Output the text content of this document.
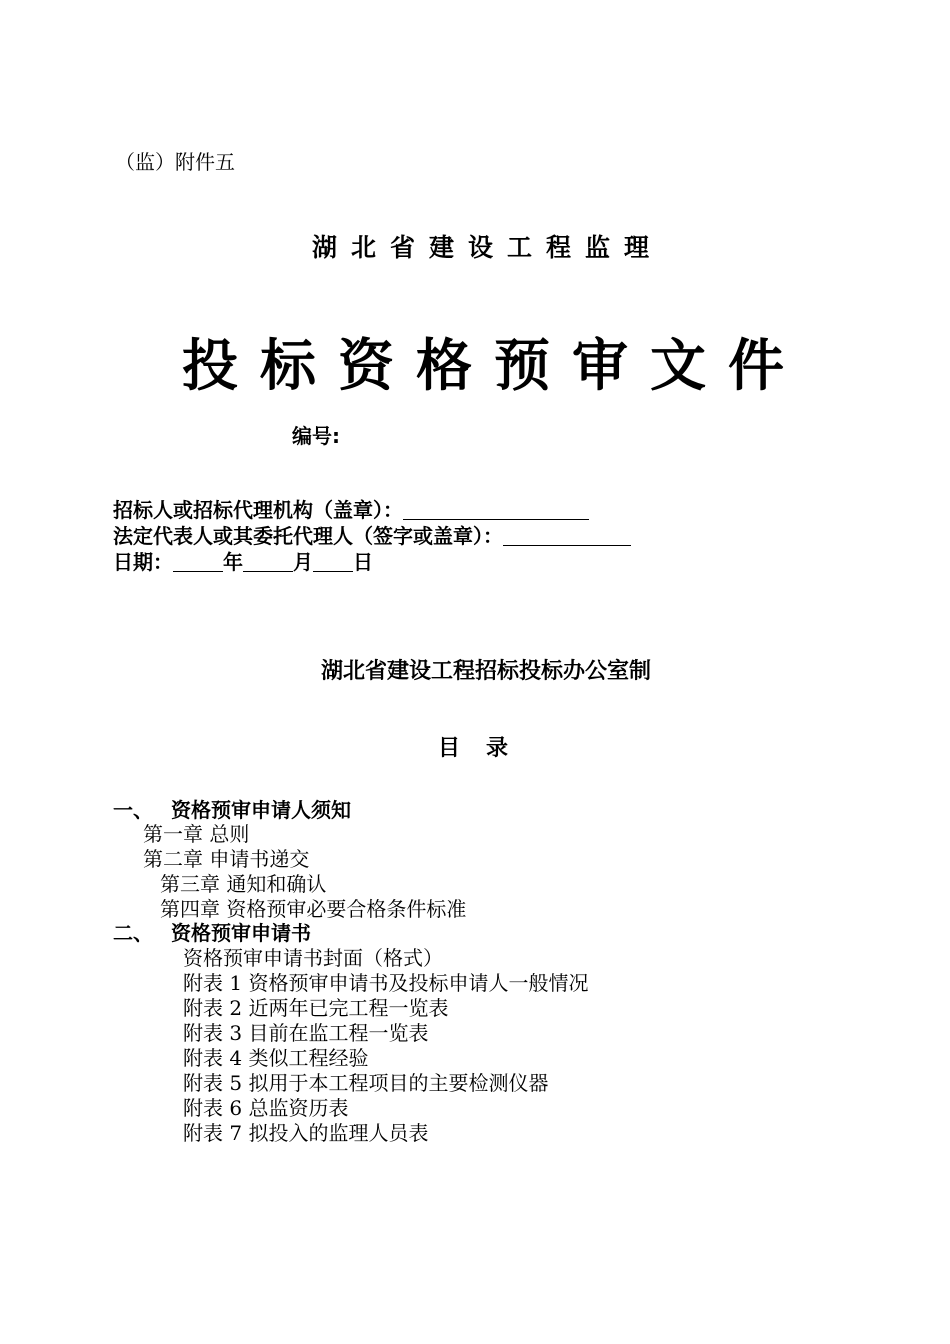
（监）附件五
湖北省建设工程监理
投标资格预审文件
编号:
招标人或招标代理机构（盖章）：
法定代表人或其委托代理人（签字或盖章）：
日期：	年	月 日
湖北省建设工程招标投标办公室制
目录
一、 资格预审申请人须知
第一章 总则
第二章 申请书递交
第三章 通知和确认
第四章 资格预审必要合格条件标准
二、 资格预审申请书
资格预审申请书封面（格式）
附表 1 资格预审申请书及投标申请人一般情况
附表 2 近两年已完工程一览表
附表 3 目前在监工程一览表
附表 4 类似工程经验
附表 5 拟用于本工程项目的主要检测仪器
附表 6 总监资历表
附表 7 拟投入的监理人员表
